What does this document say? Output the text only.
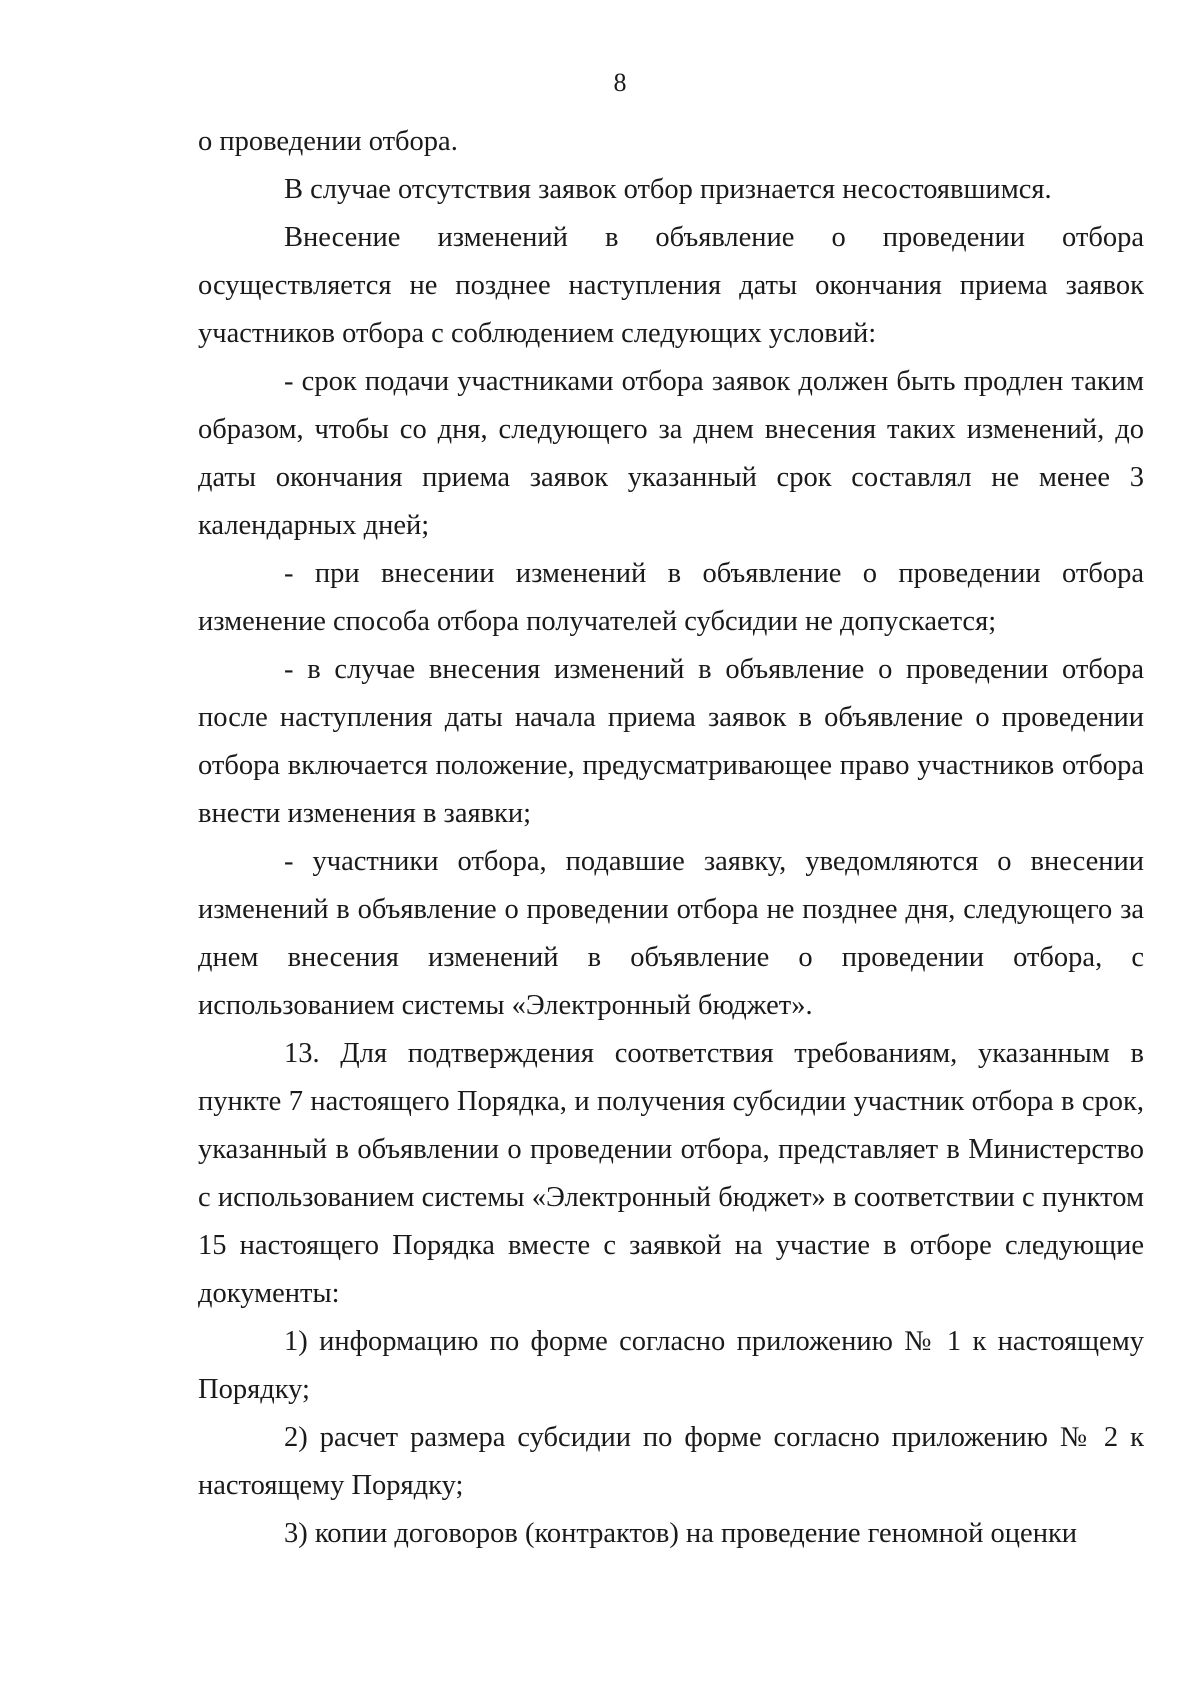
8

о проведении отбора.

В случае отсутствия заявок отбор признается несостоявшимся.

Внесение изменений в объявление о проведении отбора осуществляется не позднее наступления даты окончания приема заявок участников отбора с соблюдением следующих условий:

- срок подачи участниками отбора заявок должен быть продлен таким образом, чтобы со дня, следующего за днем внесения таких изменений, до даты окончания приема заявок указанный срок составлял не менее 3 календарных дней;

- при внесении изменений в объявление о проведении отбора изменение способа отбора получателей субсидии не допускается;

- в случае внесения изменений в объявление о проведении отбора после наступления даты начала приема заявок в объявление о проведении отбора включается положение, предусматривающее право участников отбора внести изменения в заявки;

- участники отбора, подавшие заявку, уведомляются о внесении изменений в объявление о проведении отбора не позднее дня, следующего за днем внесения изменений в объявление о проведении отбора, с использованием системы «Электронный бюджет».

13. Для подтверждения соответствия требованиям, указанным в пункте 7 настоящего Порядка, и получения субсидии участник отбора в срок, указанный в объявлении о проведении отбора, представляет в Министерство с использованием системы «Электронный бюджет» в соответствии с пунктом 15 настоящего Порядка вместе с заявкой на участие в отборе следующие документы:

1) информацию по форме согласно приложению № 1 к настоящему Порядку;

2) расчет размера субсидии по форме согласно приложению № 2 к настоящему Порядку;

3) копии договоров (контрактов) на проведение геномной оценки
